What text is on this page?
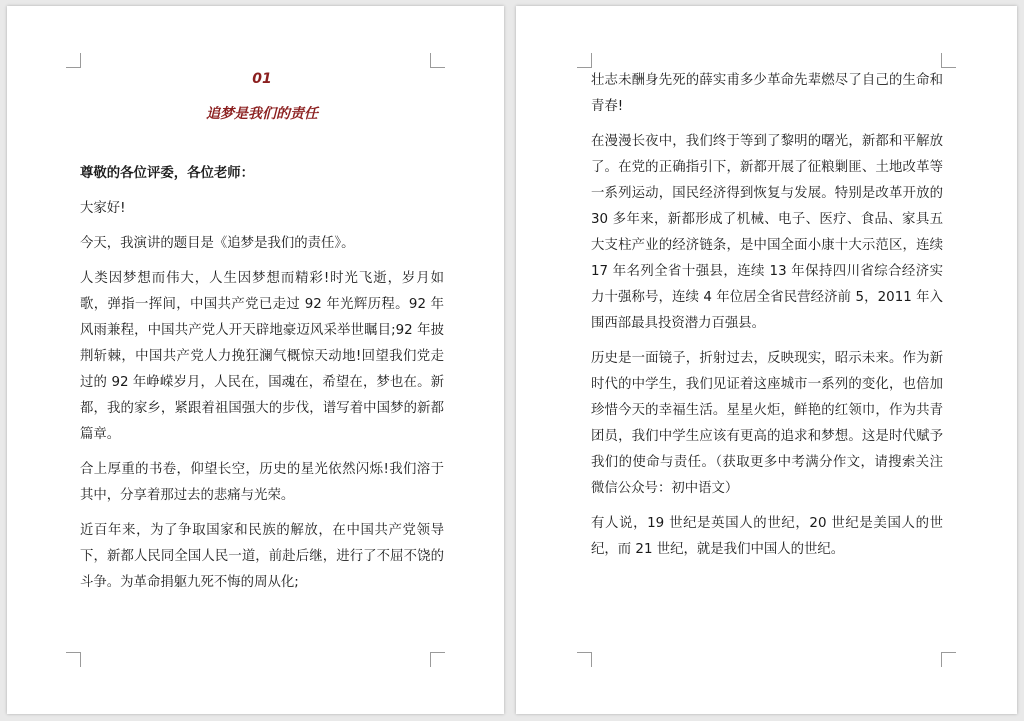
01

追梦是我们的责任

尊敬的各位评委，各位老师：

大家好!

今天，我演讲的题目是《追梦是我们的责任》。

人类因梦想而伟大，人生因梦想而精彩!时光飞逝，岁月如歌，弹指一挥间，中国共产党已走过 92 年光辉历程。92 年风雨兼程，中国共产党人开天辟地豪迈风采举世瞩目;92 年披荆斩棘，中国共产党人力挽狂澜气概惊天动地!回望我们党走过的 92 年峥嵘岁月，人民在，国魂在，希望在，梦也在。新都，我的家乡，紧跟着祖国强大的步伐，谱写着中国梦的新都篇章。

合上厚重的书卷，仰望长空，历史的星光依然闪烁!我们溶于其中，分享着那过去的悲痛与光荣。

近百年来，为了争取国家和民族的解放，在中国共产党领导下，新都人民同全国人民一道，前赴后继，进行了不屈不饶的斗争。为革命捐躯九死不悔的周从化;

壮志未酬身先死的薛实甫多少革命先辈燃尽了自己的生命和青春!

在漫漫长夜中，我们终于等到了黎明的曙光，新都和平解放了。在党的正确指引下，新都开展了征粮剿匪、土地改革等一系列运动，国民经济得到恢复与发展。特别是改革开放的 30 多年来，新都形成了机械、电子、医疗、食品、家具五大支柱产业的经济链条，是中国全面小康十大示范区，连续 17 年名列全省十强县，连续 13 年保持四川省综合经济实力十强称号，连续 4 年位居全省民营经济前 5，2011 年入围西部最具投资潜力百强县。

历史是一面镜子，折射过去，反映现实，昭示未来。作为新时代的中学生，我们见证着这座城市一系列的变化，也倍加珍惜今天的幸福生活。星星火炬，鲜艳的红领巾，作为共青团员，我们中学生应该有更高的追求和梦想。这是时代赋予我们的使命与责任。（获取更多中考满分作文，请搜索关注微信公众号：初中语文）

有人说，19 世纪是英国人的世纪，20 世纪是美国人的世纪，而 21 世纪，就是我们中国人的世纪。
